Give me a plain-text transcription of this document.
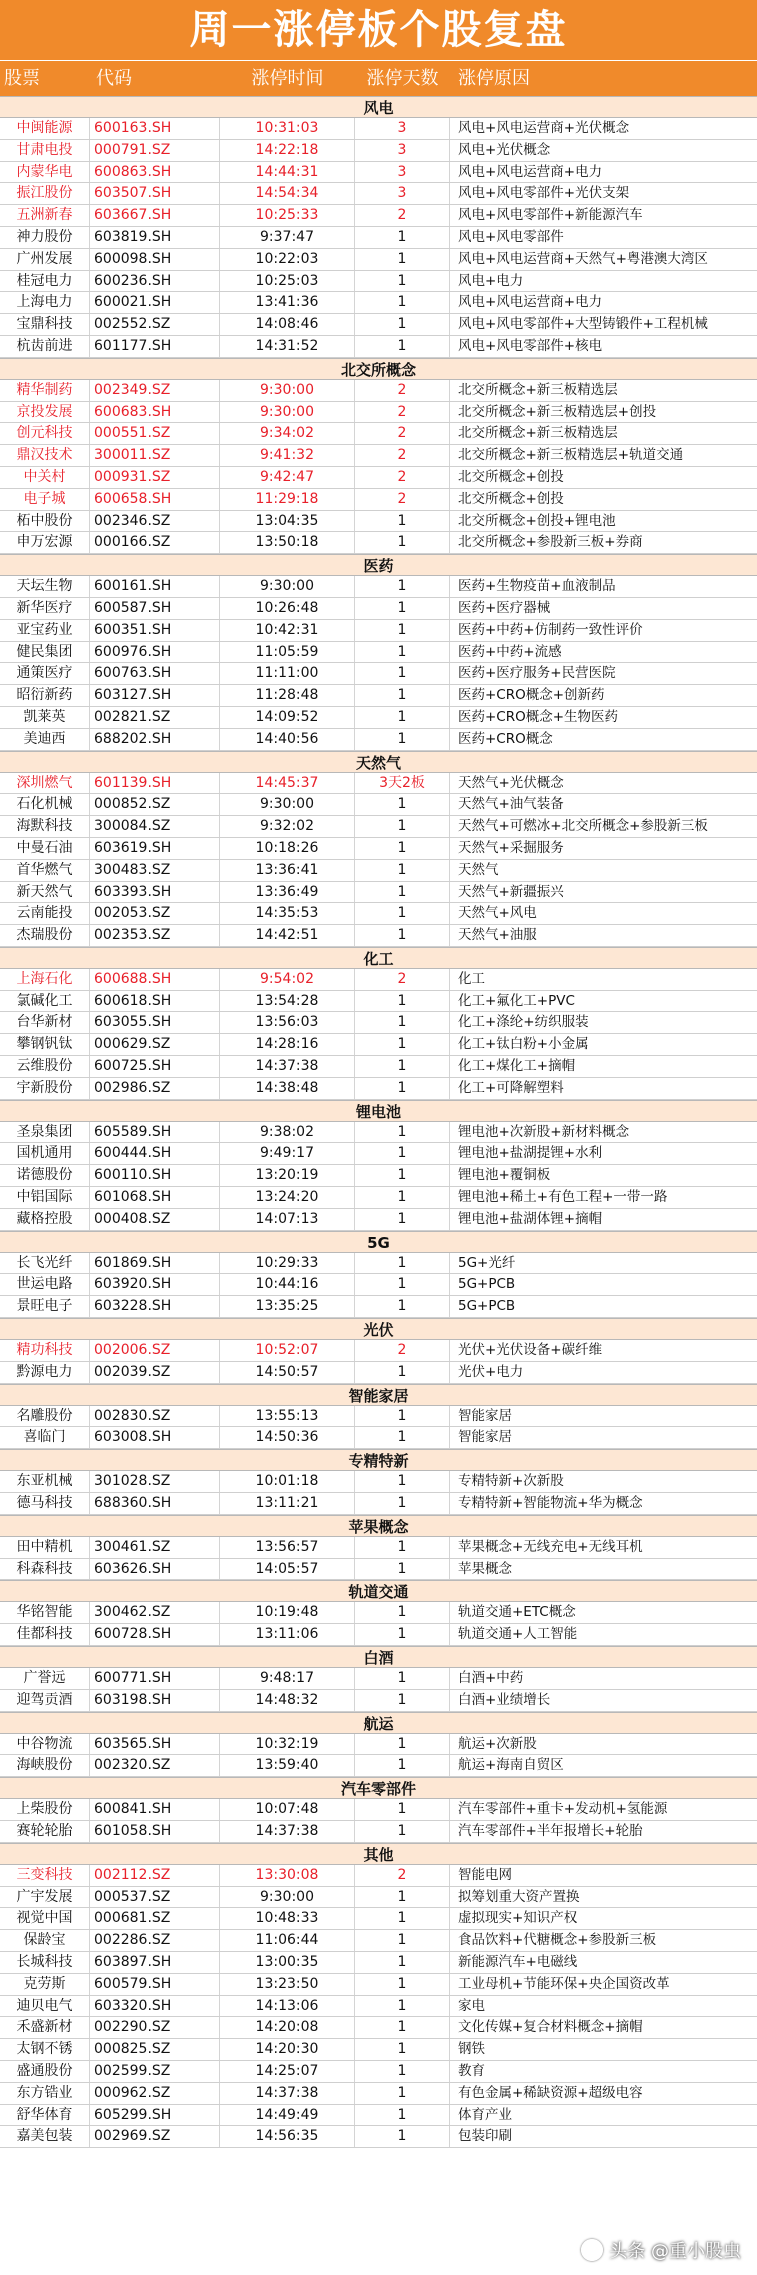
周一涨停板个股复盘
股票	代码	涨停时间	涨停天数	涨停原因
风电
中闽能源	600163.SH	10:31:03	3	风电+风电运营商+光伏概念
甘肃电投	000791.SZ	14:22:18	3	风电+光伏概念
内蒙华电	600863.SH	14:44:31	3	风电+风电运营商+电力
振江股份	603507.SH	14:54:34	3	风电+风电零部件+光伏支架
五洲新春	603667.SH	10:25:33	2	风电+风电零部件+新能源汽车
神力股份	603819.SH	9:37:47	1	风电+风电零部件
广州发展	600098.SH	10:22:03	1	风电+风电运营商+天然气+粤港澳大湾区
桂冠电力	600236.SH	10:25:03	1	风电+电力
上海电力	600021.SH	13:41:36	1	风电+风电运营商+电力
宝鼎科技	002552.SZ	14:08:46	1	风电+风电零部件+大型铸锻件+工程机械
杭齿前进	601177.SH	14:31:52	1	风电+风电零部件+核电
北交所概念
精华制药	002349.SZ	9:30:00	2	北交所概念+新三板精选层
京投发展	600683.SH	9:30:00	2	北交所概念+新三板精选层+创投
创元科技	000551.SZ	9:34:02	2	北交所概念+新三板精选层
鼎汉技术	300011.SZ	9:41:32	2	北交所概念+新三板精选层+轨道交通
中关村	000931.SZ	9:42:47	2	北交所概念+创投
电子城	600658.SH	11:29:18	2	北交所概念+创投
柘中股份	002346.SZ	13:04:35	1	北交所概念+创投+锂电池
申万宏源	000166.SZ	13:50:18	1	北交所概念+参股新三板+券商
医药
天坛生物	600161.SH	9:30:00	1	医药+生物疫苗+血液制品
新华医疗	600587.SH	10:26:48	1	医药+医疗器械
亚宝药业	600351.SH	10:42:31	1	医药+中药+仿制药一致性评价
健民集团	600976.SH	11:05:59	1	医药+中药+流感
通策医疗	600763.SH	11:11:00	1	医药+医疗服务+民营医院
昭衍新药	603127.SH	11:28:48	1	医药+CRO概念+创新药
凯莱英	002821.SZ	14:09:52	1	医药+CRO概念+生物医药
美迪西	688202.SH	14:40:56	1	医药+CRO概念
天然气
深圳燃气	601139.SH	14:45:37	3天2板	天然气+光伏概念
石化机械	000852.SZ	9:30:00	1	天然气+油气装备
海默科技	300084.SZ	9:32:02	1	天然气+可燃冰+北交所概念+参股新三板
中曼石油	603619.SH	10:18:26	1	天然气+采掘服务
首华燃气	300483.SZ	13:36:41	1	天然气
新天然气	603393.SH	13:36:49	1	天然气+新疆振兴
云南能投	002053.SZ	14:35:53	1	天然气+风电
杰瑞股份	002353.SZ	14:42:51	1	天然气+油服
化工
上海石化	600688.SH	9:54:02	2	化工
氯碱化工	600618.SH	13:54:28	1	化工+氟化工+PVC
台华新材	603055.SH	13:56:03	1	化工+涤纶+纺织服装
攀钢钒钛	000629.SZ	14:28:16	1	化工+钛白粉+小金属
云维股份	600725.SH	14:37:38	1	化工+煤化工+摘帽
宇新股份	002986.SZ	14:38:48	1	化工+可降解塑料
锂电池
圣泉集团	605589.SH	9:38:02	1	锂电池+次新股+新材料概念
国机通用	600444.SH	9:49:17	1	锂电池+盐湖提锂+水利
诺德股份	600110.SH	13:20:19	1	锂电池+覆铜板
中铝国际	601068.SH	13:24:20	1	锂电池+稀土+有色工程+一带一路
藏格控股	000408.SZ	14:07:13	1	锂电池+盐湖体锂+摘帽
5G
长飞光纤	601869.SH	10:29:33	1	5G+光纤
世运电路	603920.SH	10:44:16	1	5G+PCB
景旺电子	603228.SH	13:35:25	1	5G+PCB
光伏
精功科技	002006.SZ	10:52:07	2	光伏+光伏设备+碳纤维
黔源电力	002039.SZ	14:50:57	1	光伏+电力
智能家居
名雕股份	002830.SZ	13:55:13	1	智能家居
喜临门	603008.SH	14:50:36	1	智能家居
专精特新
东亚机械	301028.SZ	10:01:18	1	专精特新+次新股
德马科技	688360.SH	13:11:21	1	专精特新+智能物流+华为概念
苹果概念
田中精机	300461.SZ	13:56:57	1	苹果概念+无线充电+无线耳机
科森科技	603626.SH	14:05:57	1	苹果概念
轨道交通
华铭智能	300462.SZ	10:19:48	1	轨道交通+ETC概念
佳都科技	600728.SH	13:11:06	1	轨道交通+人工智能
白酒
广誉远	600771.SH	9:48:17	1	白酒+中药
迎驾贡酒	603198.SH	14:48:32	1	白酒+业绩增长
航运
中谷物流	603565.SH	10:32:19	1	航运+次新股
海峡股份	002320.SZ	13:59:40	1	航运+海南自贸区
汽车零部件
上柴股份	600841.SH	10:07:48	1	汽车零部件+重卡+发动机+氢能源
赛轮轮胎	601058.SH	14:37:38	1	汽车零部件+半年报增长+轮胎
其他
三变科技	002112.SZ	13:30:08	2	智能电网
广宇发展	000537.SZ	9:30:00	1	拟筹划重大资产置换
视觉中国	000681.SZ	10:48:33	1	虚拟现实+知识产权
保龄宝	002286.SZ	11:06:44	1	食品饮料+代糖概念+参股新三板
长城科技	603897.SH	13:00:35	1	新能源汽车+电磁线
克劳斯	600579.SH	13:23:50	1	工业母机+节能环保+央企国资改革
迪贝电气	603320.SH	14:13:06	1	家电
禾盛新材	002290.SZ	14:20:08	1	文化传媒+复合材料概念+摘帽
太钢不锈	000825.SZ	14:20:30	1	钢铁
盛通股份	002599.SZ	14:25:07	1	教育
东方锆业	000962.SZ	14:37:38	1	有色金属+稀缺资源+超级电容
舒华体育	605299.SH	14:49:49	1	体育产业
嘉美包装	002969.SZ	14:56:35	1	包装印刷
头条 @重小股虫
